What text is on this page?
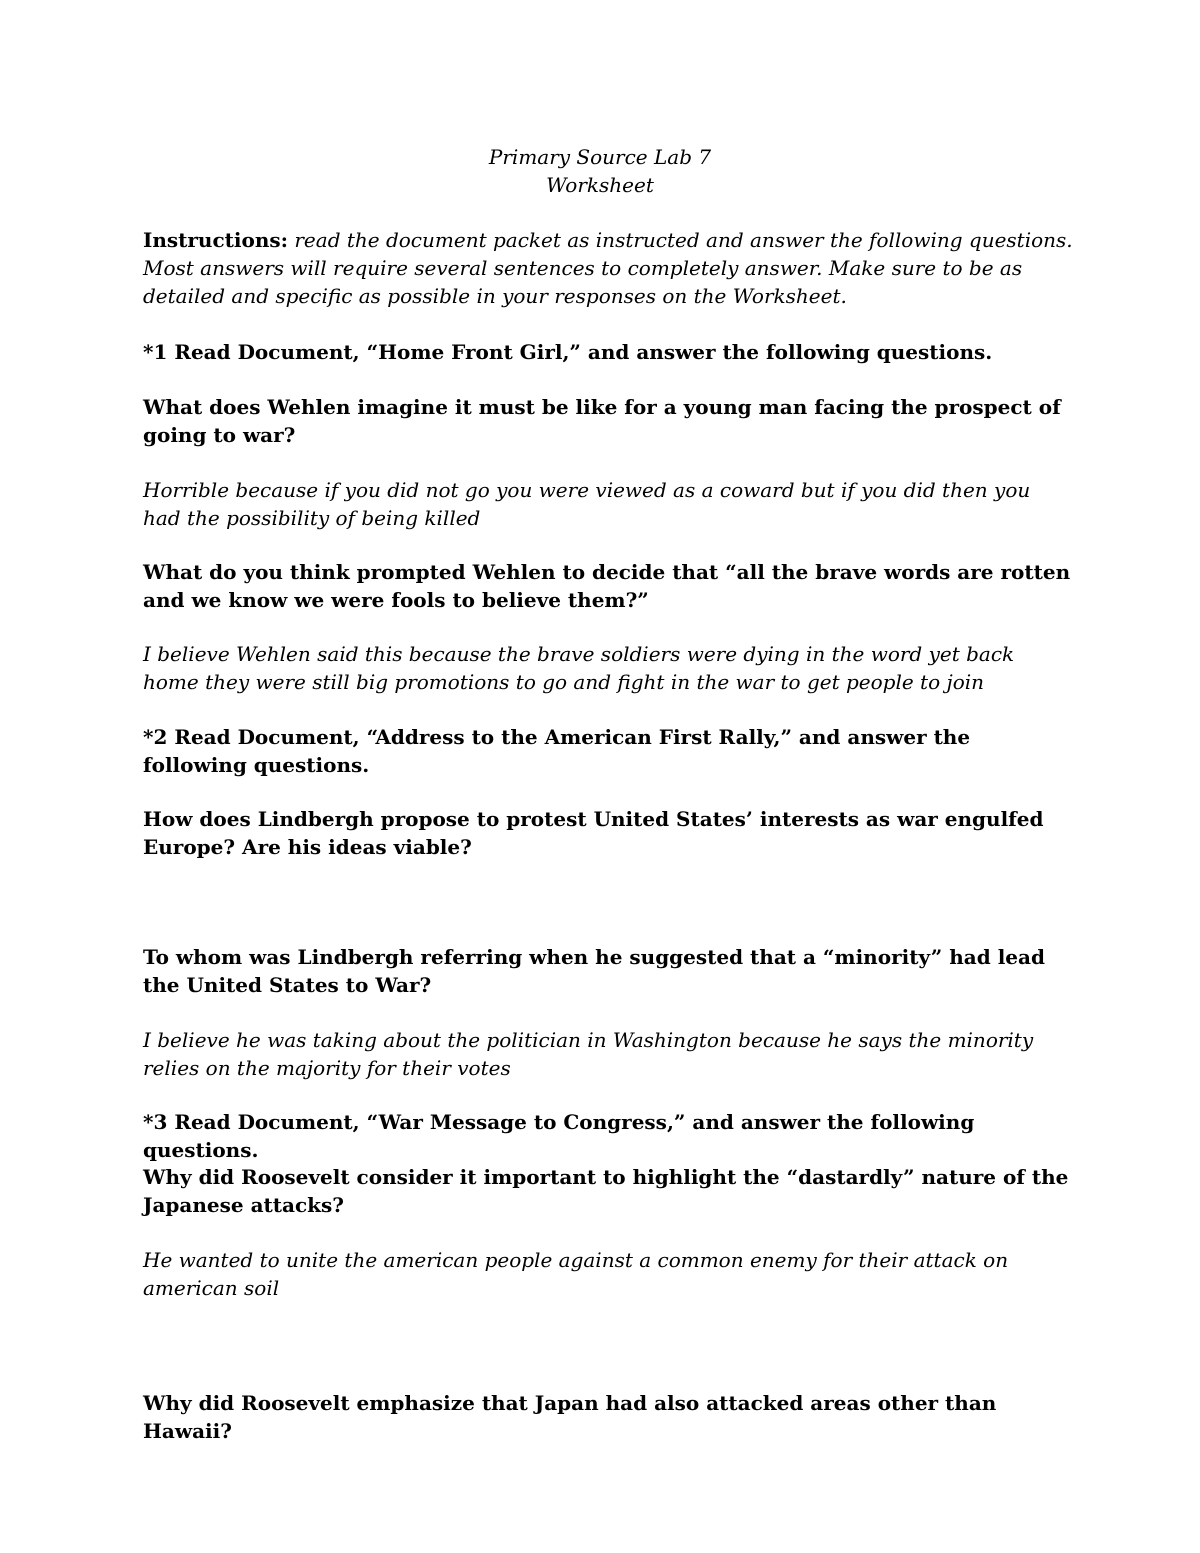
Primary Source Lab 7

Worksheet

Instructions: read the document packet as instructed and answer the following questions. Most answers will require several sentences to completely answer. Make sure to be as detailed and specific as possible in your responses on the Worksheet.

*1 Read Document, “Home Front Girl,” and answer the following questions.

What does Wehlen imagine it must be like for a young man facing the prospect of going to war?

Horrible because if you did not go you were viewed as a coward but if you did then you had the possibility of being killed

What do you think prompted Wehlen to decide that “all the brave words are rotten and we know we were fools to believe them?”

I believe Wehlen said this because the brave soldiers were dying in the word yet back home they were still big promotions to go and fight in the war to get people to join

*2 Read Document, “Address to the American First Rally,” and answer the following questions.

How does Lindbergh propose to protest United States’ interests as war engulfed Europe? Are his ideas viable?

To whom was Lindbergh referring when he suggested that a “minority” had lead the United States to War?

I believe he was taking about the politician in Washington because he says the minority relies on the majority for their votes

*3 Read Document, “War Message to Congress,” and answer the following questions.

Why did Roosevelt consider it important to highlight the “dastardly” nature of the Japanese attacks?

He wanted to unite the american people against a common enemy for their attack on american soil

Why did Roosevelt emphasize that Japan had also attacked areas other than Hawaii?
